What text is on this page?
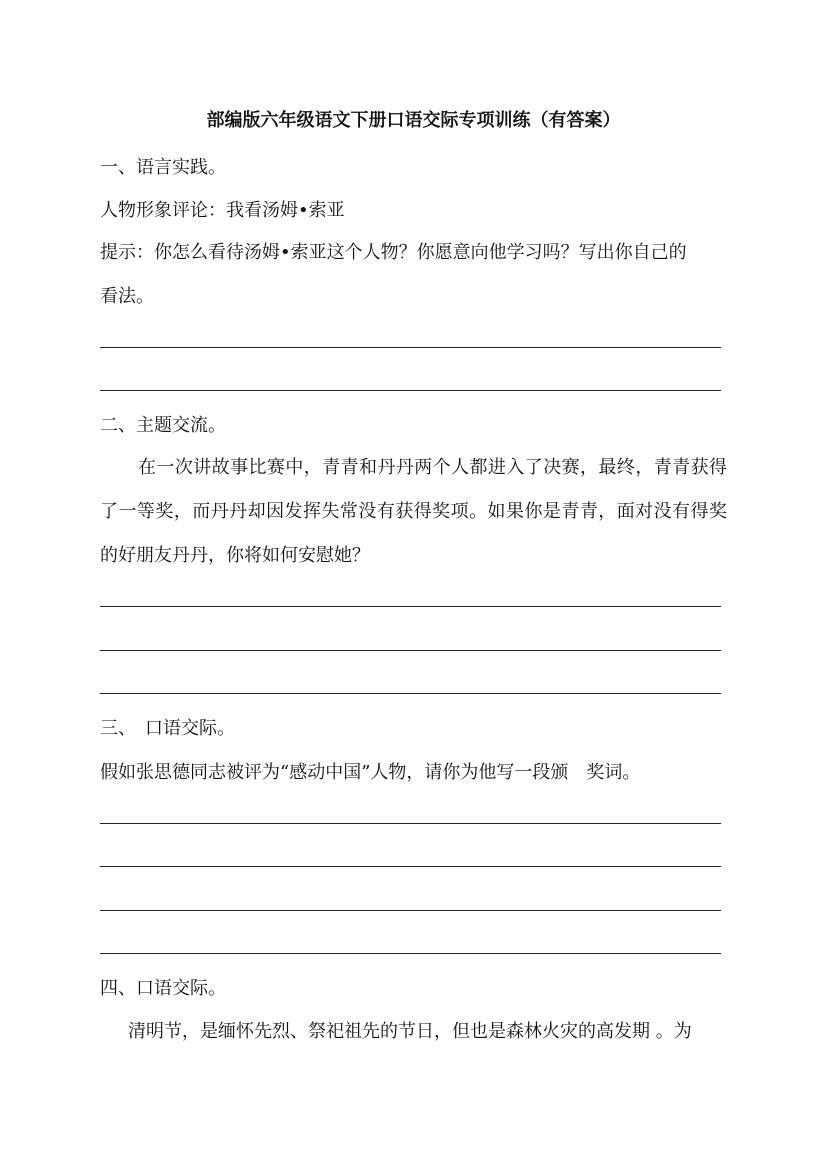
部编版六年级语文下册口语交际专项训练（有答案）
一、语言实践。
人物形象评论：我看汤姆•索亚
提示：你怎么看待汤姆•索亚这个人物？你愿意向他学习吗？写出你自己的
看法。
二、主题交流。
在一次讲故事比赛中，青青和丹丹两个人都进入了决赛，最终，青青获得了一等奖，而丹丹却因发挥失常没有获得奖项。如果你是青青，面对没有得奖的好朋友丹丹，你将如何安慰她？
三、　口语交际。
假如张思德同志被评为“感动中国”人物，请你为他写一段颁　奖词。
四、口语交际。
清明节，是缅怀先烈、祭祀祖先的节日，但也是森林火灾的高发期 。为
